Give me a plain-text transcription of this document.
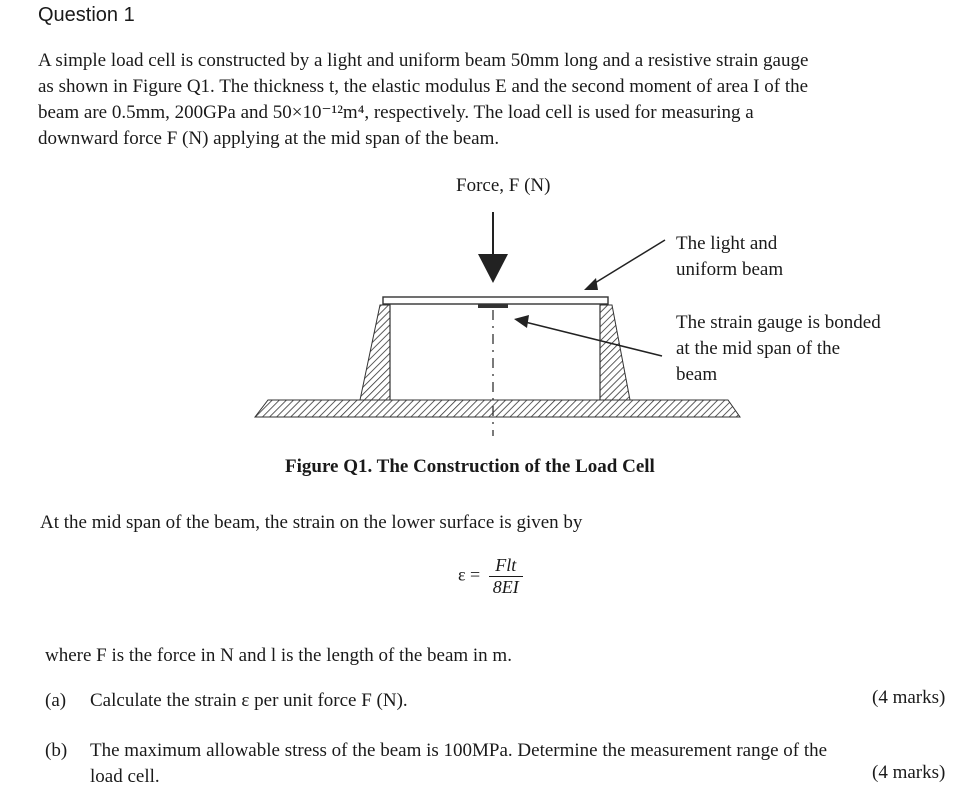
Question 1
A simple load cell is constructed by a light and uniform beam 50mm long and a resistive strain gauge
as shown in Figure Q1. The thickness t, the elastic modulus E and the second moment of area I of the
beam are 0.5mm, 200GPa and 50×10⁻¹²m⁴, respectively. The load cell is used for measuring a
downward force F (N) applying at the mid span of the beam.
Force, F (N)
The light and
uniform beam
The strain gauge is bonded
at the mid span of the
beam
Figure Q1. The Construction of the Load Cell
At the mid span of the beam, the strain on the lower surface is given by
$\varepsilon = \frac{\text{Flt}}{8EI}$
where F is the force in N and l is the length of the beam in m.
(a) Calculate the strain ε per unit force F (N).	(4 marks)
(b) The maximum allowable stress of the beam is 100MPa. Determine the measurement range of the
load cell.	(4 marks)
